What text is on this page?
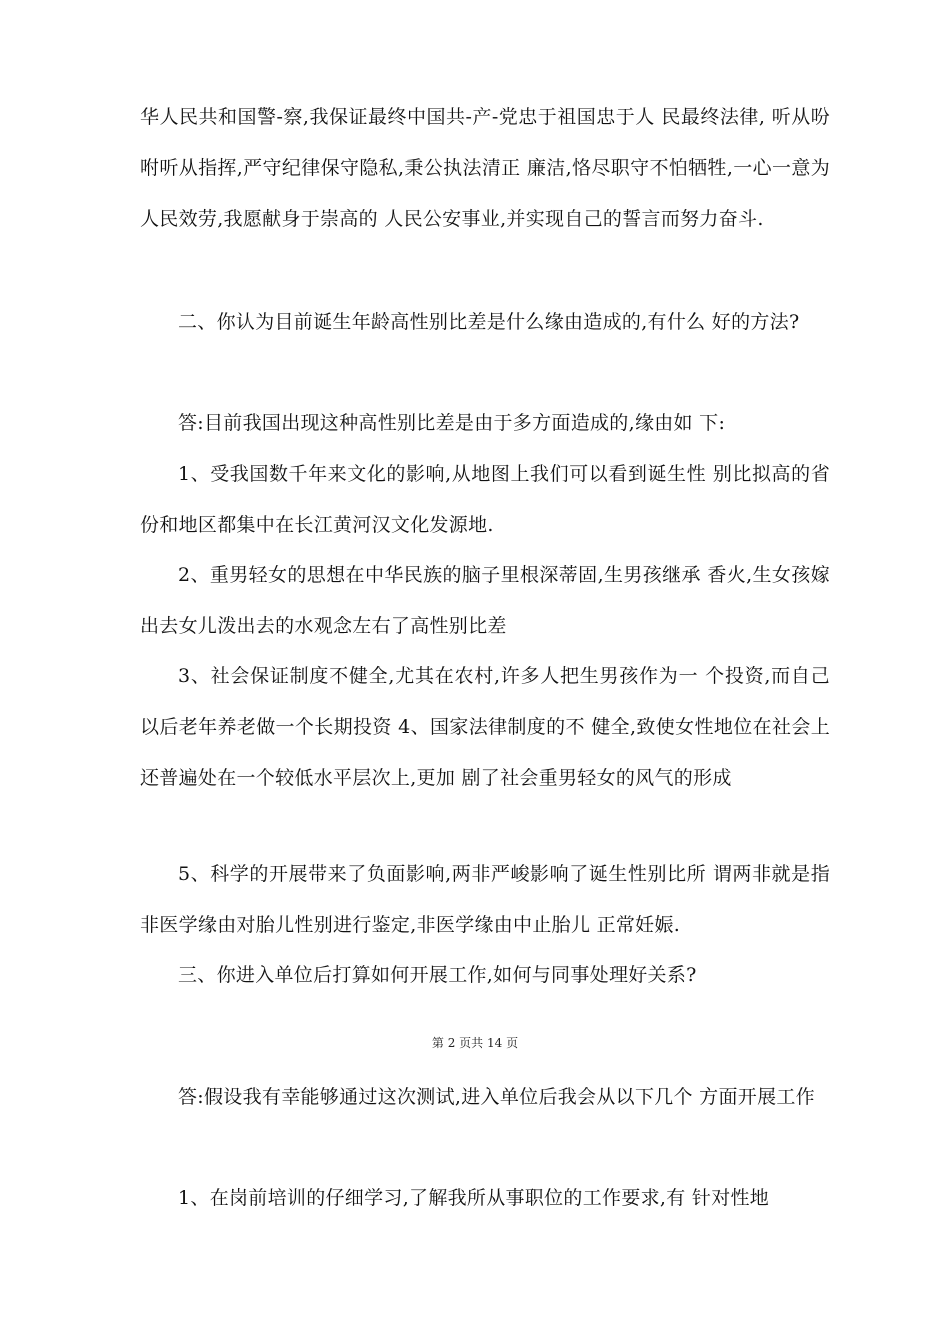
华人民共和国警-察,我保证最终中国共-产-党忠于祖国忠于人 民最终法律, 听从吩咐听从指挥,严守纪律保守隐私,秉公执法清正 廉洁,恪尽职守不怕牺牲,一心一意为人民效劳,我愿献身于崇高的 人民公安事业,并实现自己的誓言而努力奋斗.

二、你认为目前诞生年龄高性别比差是什么缘由造成的,有什么 好的方法?

答:目前我国出现这种高性别比差是由于多方面造成的,缘由如 下:

1、受我国数千年来文化的影响,从地图上我们可以看到诞生性 别比拟高的省份和地区都集中在长江黄河汉文化发源地.

2、重男轻女的思想在中华民族的脑子里根深蒂固,生男孩继承 香火,生女孩嫁出去女儿泼出去的水观念左右了高性别比差

3、社会保证制度不健全,尤其在农村,许多人把生男孩作为一 个投资,而自己以后老年养老做一个长期投资 4、国家法律制度的不 健全,致使女性地位在社会上还普遍处在一个较低水平层次上,更加 剧了社会重男轻女的风气的形成

5、科学的开展带来了负面影响,两非严峻影响了诞生性别比所 谓两非就是指非医学缘由对胎儿性别进行鉴定,非医学缘由中止胎儿 正常妊娠.

三、你进入单位后打算如何开展工作,如何与同事处理好关系?

第 2 页共 14 页

答:假设我有幸能够通过这次测试,进入单位后我会从以下几个 方面开展工作

1、在岗前培训的仔细学习,了解我所从事职位的工作要求,有 针对性地
